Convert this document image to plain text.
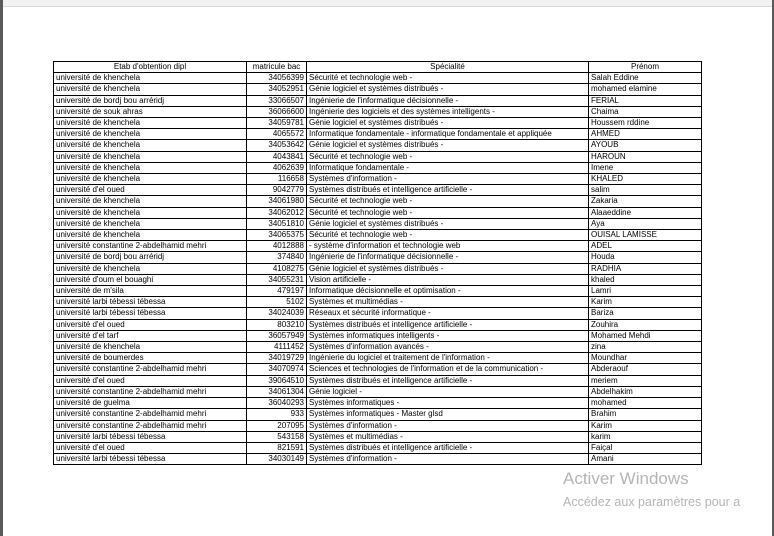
Etab d'obtention dipl	matricule bac	Spécialité	Prénom
université de khenchela	34056399	Sécurité et technologie web -	Salah Eddine
université de khenchela	34052951	Génie logiciel et systèmes distribués -	mohamed elamine
université de bordj bou arréridj	33066507	Ingénierie de l'informatique décisionnelle -	FERIAL
université de souk ahras	36066600	Ingénierie des logiciels et des systèmes intelligents -	Chaima
université de khenchela	34059781	Génie logiciel et systèmes distribués -	Houssem rddine
université de khenchela	4065572	Informatique fondamentale - informatique fondamentale et appliquée	AHMED
université de khenchela	34053642	Génie logiciel et systèmes distribués -	AYOUB
université de khenchela	4043841	Sécurité et technologie web -	HAROUN
université de khenchela	4062639	Informatique fondamentale -	Imene
université de khenchela	116658	Systèmes d'information -	KHALED
université d'el oued	9042779	Systèmes distribués et intelligence artificielle -	salim
université de khenchela	34061980	Sécurité et technologie web -	Zakaria
université de khenchela	34062012	Sécurité et technologie web -	Alaaeddine
université de khenchela	34051810	Génie logiciel et systèmes distribués -	Aya
université de khenchela	34065375	Sécurité et technologie web -	OUISAL LAMISSE
université constantine 2-abdelhamid mehri	4012888	- système d'information et technologie web	ADEL
université de bordj bou arréridj	374840	Ingénierie de l'informatique décisionnelle -	Houda
université de khenchela	4108275	Génie logiciel et systèmes distribués -	RADHIA
université d'oum el bouaghi	34055231	Vision artificielle -	khaled
université de m'sila	479197	Informatique décisionnelle et optimisation -	Lamri
université larbi tébessi tébessa	5102	Systèmes et multimédias -	Karim
université larbi tébessi tébessa	34024039	Réseaux et sécurité informatique -	Bariza
université d'el oued	803210	Systèmes distribués et intelligence artificielle -	Zouhira
université d'el tarf	36057949	Systèmes informatiques intelligents -	Mohamed Mehdi
université de khenchela	4111452	Systèmes d'information avancés -	zina
université de boumerdes	34019729	Ingénierie du logiciel et traitement de l'information -	Moundhar
université constantine 2-abdelhamid mehri	34070974	Sciences et technologies de l'information et de la communication -	Abderaouf
université d'el oued	39064510	Systèmes distribués et intelligence artificielle -	meriem
université constantine 2-abdelhamid mehri	34061304	Génie logiciel -	Abdelhakim
université de guelma	36040293	Systèmes informatiques -	mohamed
université constantine 2-abdelhamid mehri	933	Systèmes informatiques - Master glsd	Brahim
université constantine 2-abdelhamid mehri	207095	Systèmes d'information -	Karim
université larbi tébessi tébessa	543158	Systèmes et multimédias -	karim
université d'el oued	821591	Systèmes distribués et intelligence artificielle -	Faiçal
université larbi tébessi tébessa	34030149	Systèmes d'information -	Amani
Activer Windows
Accédez aux paramètres pour a
